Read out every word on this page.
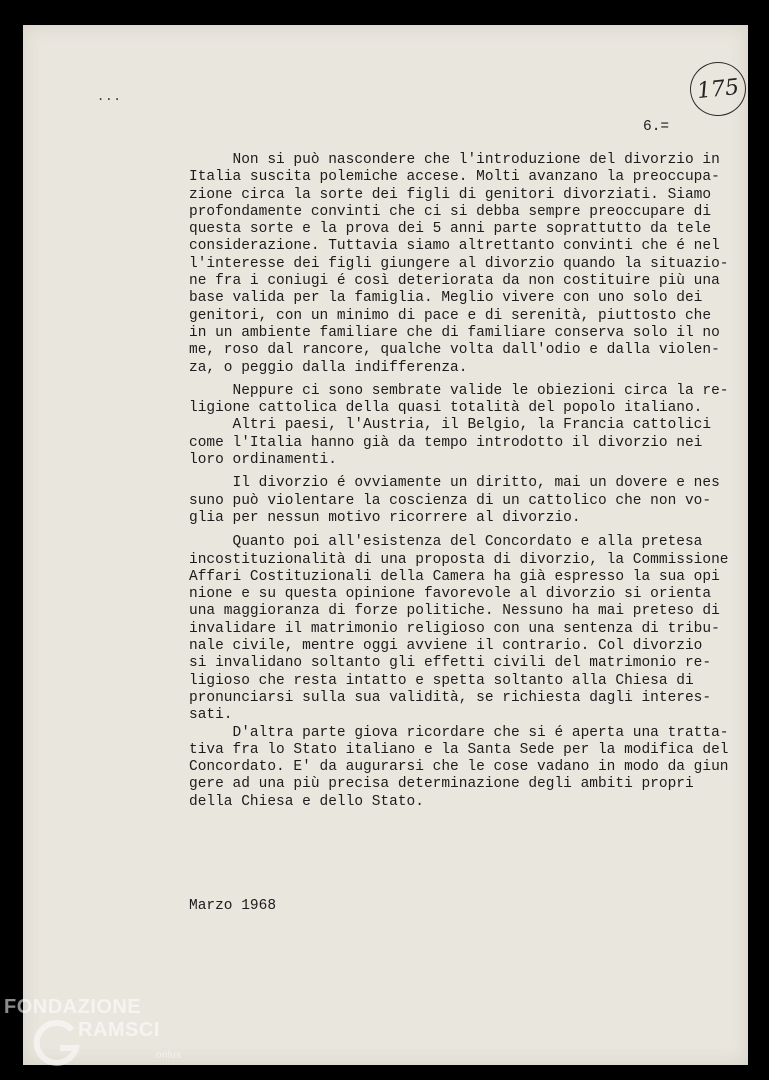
...	175
6.=
Non si può nascondere che l'introduzione del divorzio in
Italia suscita polemiche accese. Molti avanzano la preoccupa-
zione circa la sorte dei figli di genitori divorziati. Siamo
profondamente convinti che ci si debba sempre preoccupare di
questa sorte e la prova dei 5 anni parte soprattutto da tele
considerazione. Tuttavia siamo altrettanto convinti che é nel
l'interesse dei figli giungere al divorzio quando la situazio-
ne fra i coniugi é così deteriorata da non costituire più una
base valida per la famiglia. Meglio vivere con uno solo dei
genitori, con un minimo di pace e di serenità, piuttosto che
in un ambiente familiare che di familiare conserva solo il no
me, roso dal rancore, qualche volta dall'odio e dalla violen-
za, o peggio dalla indifferenza.
Neppure ci sono sembrate valide le obiezioni circa la re-
ligione cattolica della quasi totalità del popolo italiano.
Altri paesi, l'Austria, il Belgio, la Francia cattolici
come l'Italia hanno già da tempo introdotto il divorzio nei
loro ordinamenti.
Il divorzio é ovviamente un diritto, mai un dovere e nes
suno può violentare la coscienza di un cattolico che non vo-
glia per nessun motivo ricorrere al divorzio.
Quanto poi all'esistenza del Concordato e alla pretesa
incostituzionalità di una proposta di divorzio, la Commissione
Affari Costituzionali della Camera ha già espresso la sua opi
nione e su questa opinione favorevole al divorzio si orienta
una maggioranza di forze politiche. Nessuno ha mai preteso di
invalidare il matrimonio religioso con una sentenza di tribu-
nale civile, mentre oggi avviene il contrario. Col divorzio
si invalidano soltanto gli effetti civili del matrimonio re-
ligioso che resta intatto e spetta soltanto alla Chiesa di
pronunciarsi sulla sua validità, se richiesta dagli interes-
sati.
D'altra parte giova ricordare che si é aperta una tratta-
tiva fra lo Stato italiano e la Santa Sede per la modifica del
Concordato. E' da augurarsi che le cose vadano in modo da giun
gere ad una più precisa determinazione degli ambiti propri
della Chiesa e dello Stato.
Marzo 1968
FONDAZIONE
RAMSCI
onlus
